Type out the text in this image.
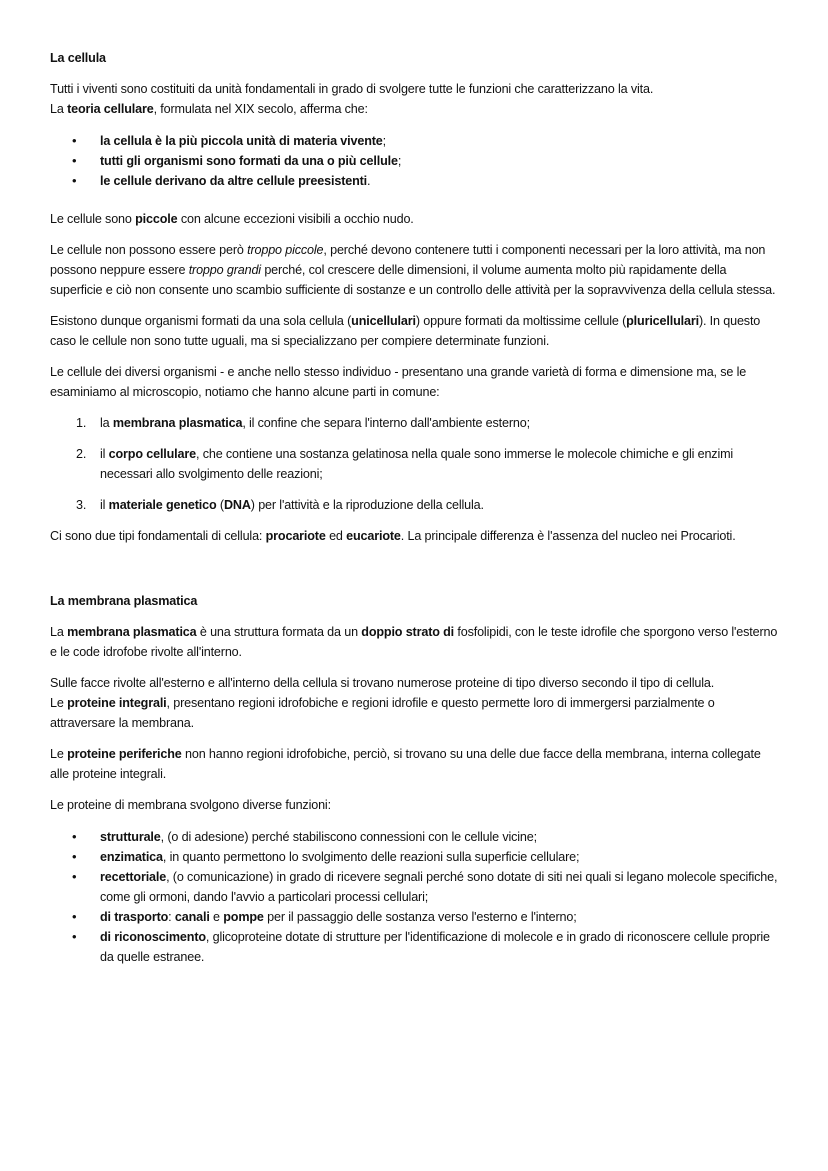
La cellula

Tutti i viventi sono costituiti da unità fondamentali in grado di svolgere tutte le funzioni che caratterizzano la vita.
La teoria cellulare, formulata nel XIX secolo, afferma che:

• la cellula è la più piccola unità di materia vivente;
• tutti gli organismi sono formati da una o più cellule;
• le cellule derivano da altre cellule preesistenti.

Le cellule sono piccole con alcune eccezioni visibili a occhio nudo.

Le cellule non possono essere però troppo piccole, perché devono contenere tutti i componenti necessari per la loro attività, ma non possono neppure essere troppo grandi perché, col crescere delle dimensioni, il volume aumenta molto più rapidamente della superficie e ciò non consente uno scambio sufficiente di sostanze e un controllo delle attività per la sopravvivenza della cellula stessa.

Esistono dunque organismi formati da una sola cellula (unicellulari) oppure formati da moltissime cellule (pluricellulari). In questo caso le cellule non sono tutte uguali, ma si specializzano per compiere determinate funzioni.

Le cellule dei diversi organismi - e anche nello stesso individuo - presentano una grande varietà di forma e dimensione ma, se le esaminiamo al microscopio, notiamo che hanno alcune parti in comune:

1. la membrana plasmatica, il confine che separa l'interno dall'ambiente esterno;
2. il corpo cellulare, che contiene una sostanza gelatinosa nella quale sono immerse le molecole chimiche e gli enzimi necessari allo svolgimento delle reazioni;
3. il materiale genetico (DNA) per l'attività e la riproduzione della cellula.

Ci sono due tipi fondamentali di cellula: procariote ed eucariote. La principale differenza è l'assenza del nucleo nei Procarioti.

La membrana plasmatica

La membrana plasmatica è una struttura formata da un doppio strato di fosfolipidi, con le teste idrofile che sporgono verso l'esterno e le code idrofobe rivolte all'interno.

Sulle facce rivolte all'esterno e all'interno della cellula si trovano numerose proteine di tipo diverso secondo il tipo di cellula.
Le proteine integrali, presentano regioni idrofobiche e regioni idrofile e questo permette loro di immergersi parzialmente o attraversare la membrana.

Le proteine periferiche non hanno regioni idrofobiche, perciò, si trovano su una delle due facce della membrana, interna collegate alle proteine integrali.

Le proteine di membrana svolgono diverse funzioni:

• strutturale, (o di adesione) perché stabiliscono connessioni con le cellule vicine;
• enzimatica, in quanto permettono lo svolgimento delle reazioni sulla superficie cellulare;
• recettoriale, (o comunicazione) in grado di ricevere segnali perché sono dotate di siti nei quali si legano molecole specifiche, come gli ormoni, dando l'avvio a particolari processi cellulari;
• di trasporto: canali e pompe per il passaggio delle sostanza verso l'esterno e l'interno;
• di riconoscimento, glicoproteine dotate di strutture per l'identificazione di molecole e in grado di riconoscere cellule proprie da quelle estranee.
